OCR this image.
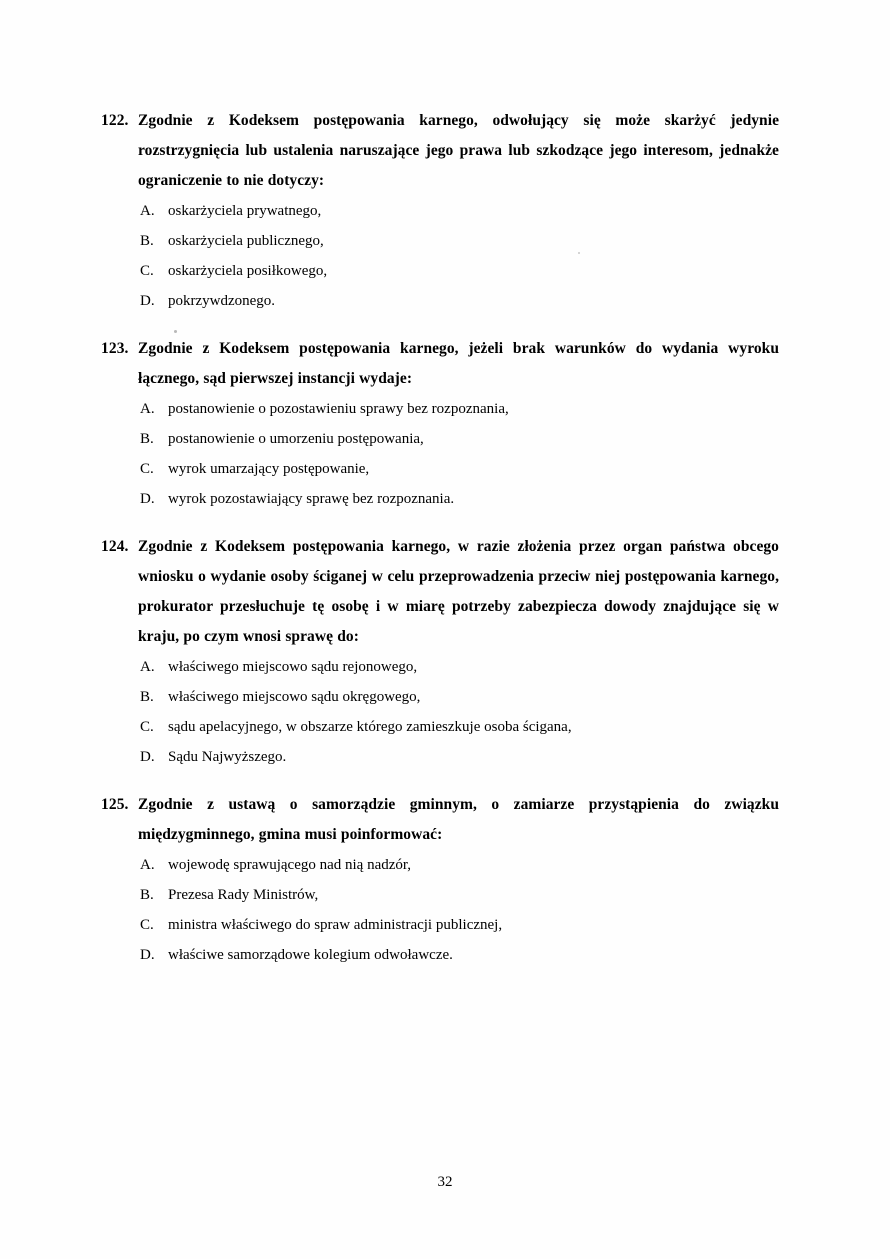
122. Zgodnie z Kodeksem postępowania karnego, odwołujący się może skarżyć jedynie rozstrzygnięcia lub ustalenia naruszające jego prawa lub szkodzące jego interesom, jednakże ograniczenie to nie dotyczy:
A. oskarżyciela prywatnego,
B. oskarżyciela publicznego,
C. oskarżyciela posiłkowego,
D. pokrzywdzonego.
123. Zgodnie z Kodeksem postępowania karnego, jeżeli brak warunków do wydania wyroku łącznego, sąd pierwszej instancji wydaje:
A. postanowienie o pozostawieniu sprawy bez rozpoznania,
B. postanowienie o umorzeniu postępowania,
C. wyrok umarzający postępowanie,
D. wyrok pozostawiający sprawę bez rozpoznania.
124. Zgodnie z Kodeksem postępowania karnego, w razie złożenia przez organ państwa obcego wniosku o wydanie osoby ściganej w celu przeprowadzenia przeciw niej postępowania karnego, prokurator przesłuchuje tę osobę i w miarę potrzeby zabezpiecza dowody znajdujące się w kraju, po czym wnosi sprawę do:
A. właściwego miejscowo sądu rejonowego,
B. właściwego miejscowo sądu okręgowego,
C. sądu apelacyjnego, w obszarze którego zamieszkuje osoba ścigana,
D. Sądu Najwyższego.
125. Zgodnie z ustawą o samorządzie gminnym, o zamiarze przystąpienia do związku międzygminnego, gmina musi poinformować:
A. wojewodę sprawującego nad nią nadzór,
B. Prezesa Rady Ministrów,
C. ministra właściwego do spraw administracji publicznej,
D. właściwe samorządowe kolegium odwoławcze.
32
